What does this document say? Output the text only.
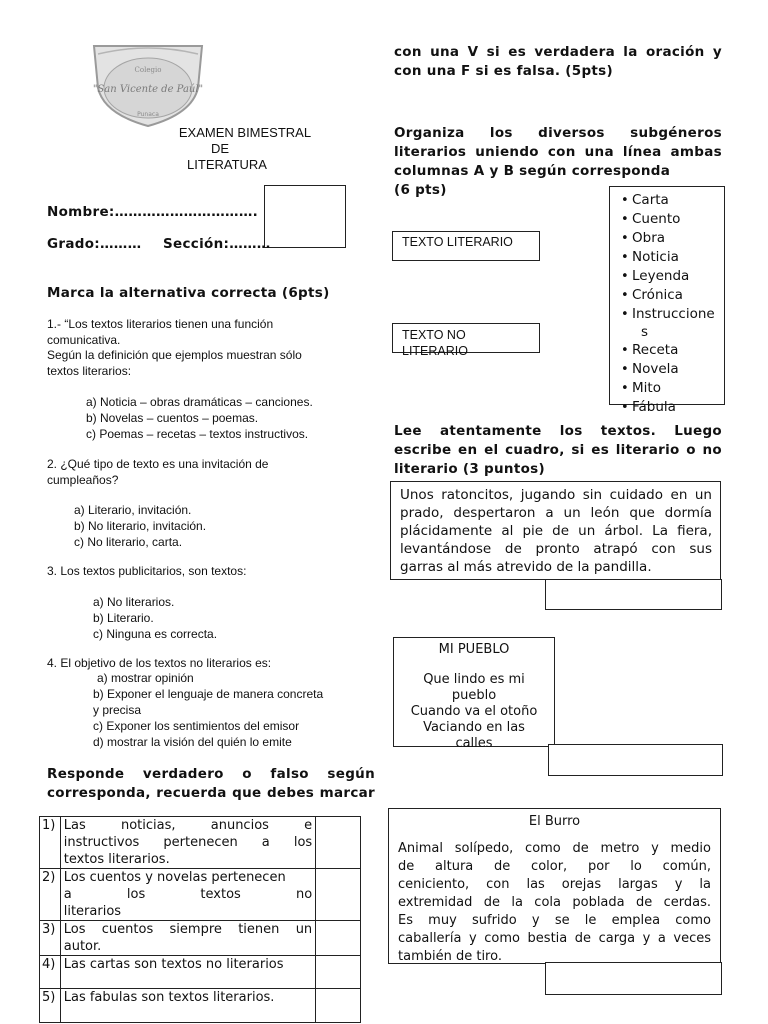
Colegio
"San Vicente de Paúl"
Punaca
EXAMEN BIMESTRAL
DE
LITERATURA
Nombre:………………………….
Grado:……… Sección:………
Marca la alternativa correcta (6pts)
1.- “Los textos literarios tienen una función
comunicativa.
Según la definición que ejemplos muestran sólo
textos literarios:
a) Noticia – obras dramáticas – canciones.
b) Novelas – cuentos – poemas.
c) Poemas – recetas – textos instructivos.
2. ¿Qué tipo de texto es una invitación de
cumpleaños?
a) Literario, invitación.
b) No literario, invitación.
c) No literario, carta.
3. Los textos publicitarios, son textos:
a) No literarios.
b) Literario.
c) Ninguna es correcta.
4. El objetivo de los textos no literarios es:
a) mostrar opinión
b) Exponer el lenguaje de manera concreta
y precisa
c) Exponer los sentimientos del emisor
d) mostrar la visión del quién lo emite
Responde verdadero o falso según
corresponda, recuerda que debes marcar
con una V si es verdadera la oración y
con una F si es falsa. (5pts)
1)	Las noticias, anuncios e
instructivos pertenecen a los
textos literarios.	

2)	Los cuentos y novelas pertenecen
a los textos no
literarios	

3)	Los cuentos siempre tienen un
autor.	

4)	Las cartas son textos no literarios	

5)	Las fabulas son textos literarios.	

Organiza los diversos subgéneros
literarios uniendo con una línea ambas
columnas A y B según corresponda
(6 pts)
TEXTO LITERARIO
TEXTO NO LITERARIO
• Carta
• Cuento
• Obra
• Noticia
• Leyenda
• Crónica
• Instruccione
s
• Receta
• Novela
• Mito
• Fábula
Lee atentamente los textos. Luego
escribe en el cuadro, si es literario o no
literario (3 puntos)
Unos ratoncitos, jugando sin cuidado en un
prado, despertaron a un león que dormía
plácidamente al pie de un árbol. La fiera,
levantándose de pronto atrapó con sus
garras al más atrevido de la pandilla.
MI PUEBLO
Que lindo es mi
pueblo
Cuando va el otoño
Vaciando en las
calles
El Burro
Animal solípedo, como de metro y medio
de altura de color, por lo común,
ceniciento, con las orejas largas y la
extremidad de la cola poblada de cerdas.
Es muy sufrido y se le emplea como
caballería y como bestia de carga y a veces
también de tiro.
